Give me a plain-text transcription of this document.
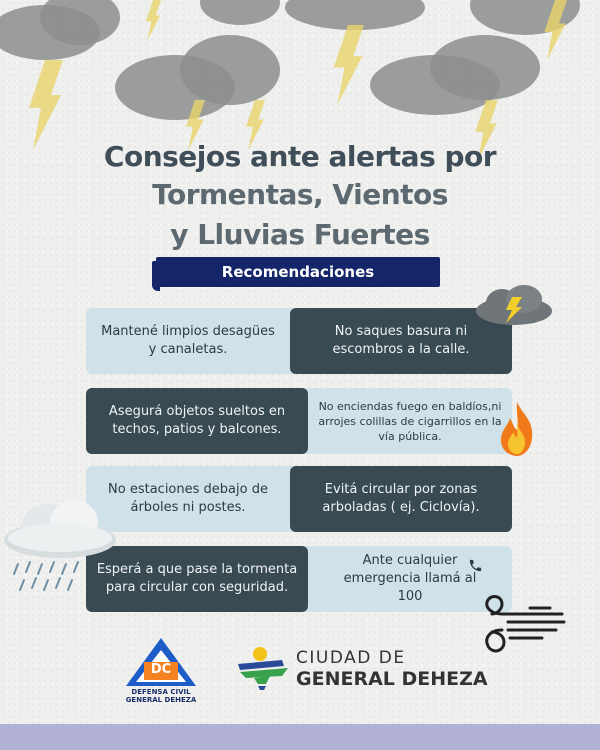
Consejos ante alertas por
Tormentas, Vientos
y Lluvias Fuertes
Recomendaciones
Mantené limpios desagües y canaletas.
No saques basura ni escombros a la calle.
Asegurá objetos sueltos en techos, patios y balcones.
No enciendas fuego en baldíos,ni arrojes colillas de cigarrillos en la vía pública.
No estaciones debajo de árboles ni postes.
Evitá circular por zonas arboladas ( ej. Ciclovía).
Esperá a que pase la tormenta para circular con seguridad.
Ante cualquier emergencia llamá al 100
DC
DEFENSA CIVIL
GENERAL DEHEZA
CIUDAD DE
GENERAL DEHEZA
